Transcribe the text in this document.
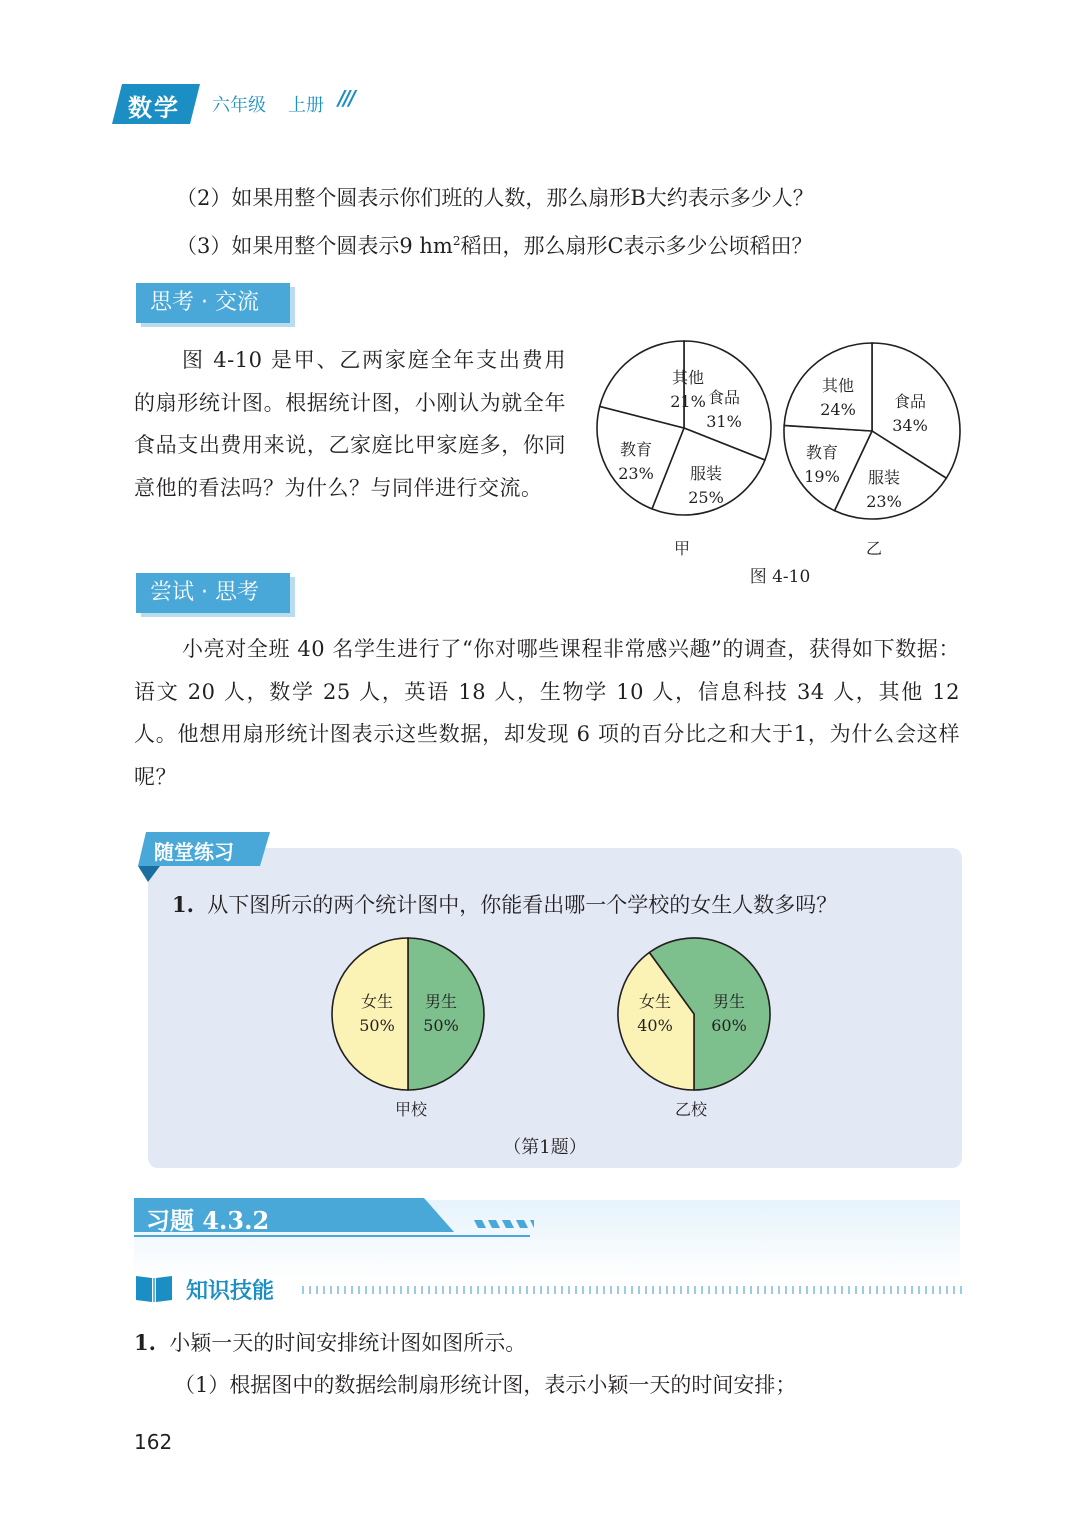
数学 六年级 上册 ///
（2）如果用整个圆表示你们班的人数，那么扇形B大约表示多少人？
（3）如果用整个圆表示9 $hm^2$稻田，那么扇形C表示多少公顷稻田？
思考 · 交流
图 4-10 是甲、乙两家庭全年支出费用的扇形统计图。根据统计图，小刚认为就全年食品支出费用来说，乙家庭比甲家庭多，你同意他的看法吗？为什么？与同伴进行交流。
其他
21% 食品
31%
服装
25%
教育
23%
其他
24% 食品
34%
服装
23%
教育
19%
甲	乙
图 4-10
尝试 · 思考
小亮对全班 40 名学生进行了“你对哪些课程非常感兴趣”的调查，获得如下数据：语文 20 人，数学 25 人，英语 18 人，生物学 10 人，信息科技 34 人，其他 12 人。他想用扇形统计图表示这些数据，却发现 6 项的百分比之和大于1，为什么会这样呢？
随堂练习
1. 从下图所示的两个统计图中，你能看出哪一个学校的女生人数多吗？
女生
50%
男生
50%
女生
40%
男生
60%
甲校	乙校
（第1题）
习题 4.3.2
知识技能
1. 小颖一天的时间安排统计图如图所示。
（1）根据图中的数据绘制扇形统计图，表示小颖一天的时间安排；
162
